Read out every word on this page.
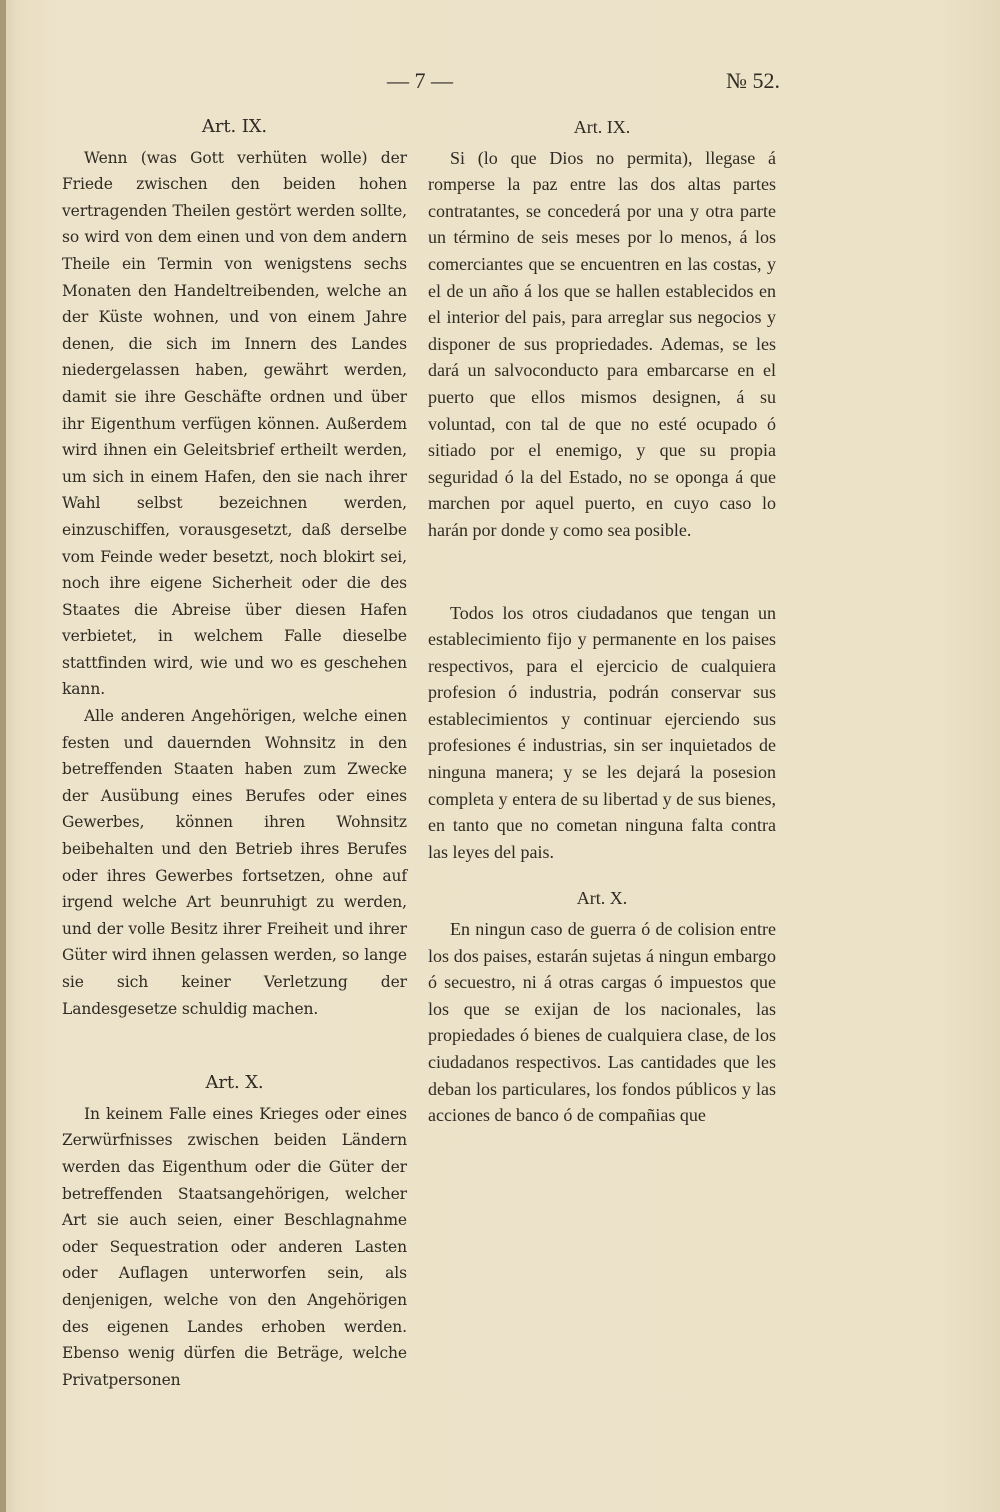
— 7 —	№ 52.
Art. IX.

Wenn (was Gott verhüten wolle) der Friede zwischen den beiden hohen vertragenden Theilen gestört werden sollte, so wird von dem einen und von dem andern Theile ein Termin von wenigstens sechs Monaten den Handeltreibenden, welche an der Küste wohnen, und von einem Jahre denen, die sich im Innern des Landes niedergelassen haben, gewährt werden, damit sie ihre Geschäfte ordnen und über ihr Eigenthum verfügen können. Außerdem wird ihnen ein Geleitsbrief ertheilt werden, um sich in einem Hafen, den sie nach ihrer Wahl selbst bezeichnen werden, einzuschiffen, vorausgesetzt, daß derselbe vom Feinde weder besetzt, noch blokirt sei, noch ihre eigene Sicherheit oder die des Staates die Abreise über diesen Hafen verbietet, in welchem Falle dieselbe stattfinden wird, wie und wo es geschehen kann.

Alle anderen Angehörigen, welche einen festen und dauernden Wohnsitz in den betreffenden Staaten haben zum Zwecke der Ausübung eines Berufes oder eines Gewerbes, können ihren Wohnsitz beibehalten und den Betrieb ihres Berufes oder ihres Gewerbes fortsetzen, ohne auf irgend welche Art beunruhigt zu werden, und der volle Besitz ihrer Freiheit und ihrer Güter wird ihnen gelassen werden, so lange sie sich keiner Verletzung der Landesgesetze schuldig machen.

Art. X.

In keinem Falle eines Krieges oder eines Zerwürfnisses zwischen beiden Ländern werden das Eigenthum oder die Güter der betreffenden Staatsangehörigen, welcher Art sie auch seien, einer Beschlagnahme oder Sequestration oder anderen Lasten oder Auflagen unterworfen sein, als denjenigen, welche von den Angehörigen des eigenen Landes erhoben werden. Ebenso wenig dürfen die Beträge, welche Privatpersonen

Art. IX.

Si (lo que Dios no permita), llegase á romperse la paz entre las dos altas partes contratantes, se concederá por una y otra parte un término de seis meses por lo menos, á los comerciantes que se encuentren en las costas, y el de un año á los que se hallen establecidos en el interior del pais, para arreglar sus negocios y disponer de sus propriedades. Ademas, se les dará un salvoconducto para embarcarse en el puerto que ellos mismos designen, á su voluntad, con tal de que no esté ocupado ó sitiado por el enemigo, y que su propia seguridad ó la del Estado, no se oponga á que marchen por aquel puerto, en cuyo caso lo harán por donde y como sea posible.

Todos los otros ciudadanos que tengan un establecimiento fijo y permanente en los paises respectivos, para el ejercicio de cualquiera profesion ó industria, podrán conservar sus establecimientos y continuar ejerciendo sus profesiones é industrias, sin ser inquietados de ninguna manera; y se les dejará la posesion completa y entera de su libertad y de sus bienes, en tanto que no cometan ninguna falta contra las leyes del pais.

Art. X.

En ningun caso de guerra ó de colision entre los dos paises, estarán sujetas á ningun embargo ó secuestro, ni á otras cargas ó impuestos que los que se exijan de los nacionales, las propiedades ó bienes de cualquiera clase, de los ciudadanos respectivos. Las cantidades que les deban los particulares, los fondos públicos y las acciones de banco ó de compañias que
